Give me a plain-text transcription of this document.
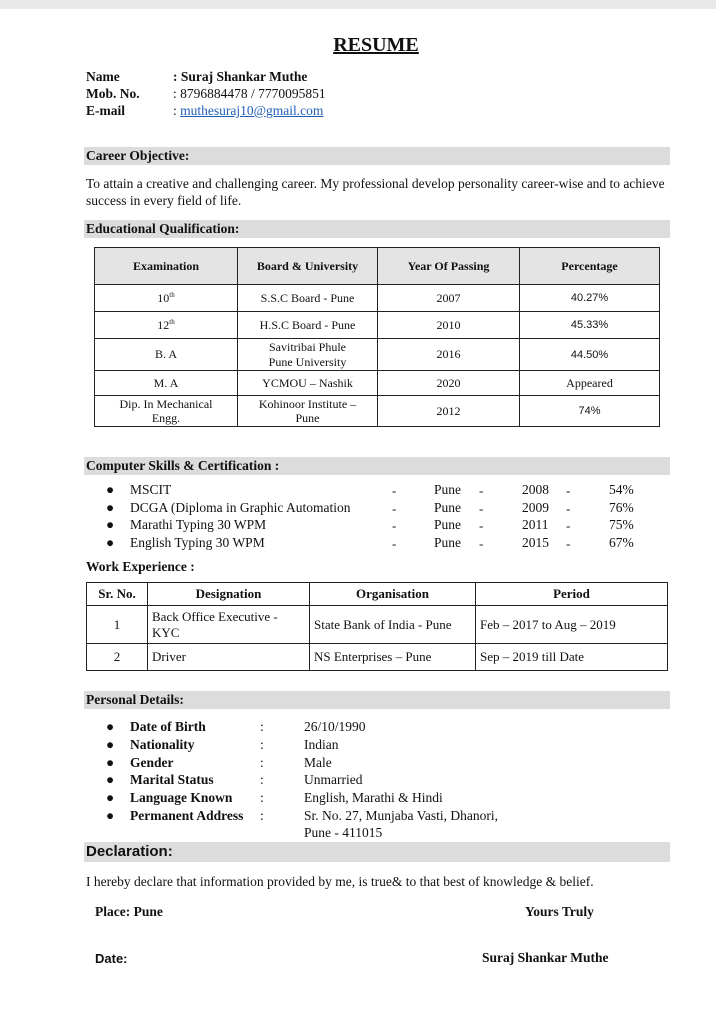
RESUME
Name	: Suraj Shankar Muthe
Mob. No. : 8796884478 / 7770095851
E-mail	: muthesuraj10@gmail.com
Career Objective:
To attain a creative and challenging career. My professional develop personality career-wise and to achieve success in every field of life.
Educational Qualification:
Examination	Board & University	Year Of Passing	Percentage
10th	S.S.C Board - Pune	2007	40.27%
12th	H.S.C Board - Pune	2010	45.33%
B. A	Savitribai Phule Pune University	2016	44.50%
M. A	YCMOU – Nashik	2020	Appeared
Dip. In Mechanical Engg.	Kohinoor Institute – Pune	2012	74%
Computer Skills & Certification :
● MSCIT	-	Pune -	2008 -	54%
● DCGA (Diploma in Graphic Automation	-	Pune -	2009 -	76%
● Marathi Typing 30 WPM	-	Pune -	2011 -	75%
● English Typing 30 WPM	-	Pune -	2015 -	67%
Work Experience :
Sr. No.	Designation	Organisation	Period
1	Back Office Executive - KYC	State Bank of India - Pune	Feb – 2017 to Aug – 2019
2	Driver	NS Enterprises – Pune	Sep – 2019 till Date
Personal Details:
● Date of Birth	:	26/10/1990
● Nationality	:	Indian
● Gender	:	Male
● Marital Status	:	Unmarried
● Language Known :	English, Marathi & Hindi
● Permanent Address :	Sr. No. 27, Munjaba Vasti, Dhanori,
Pune - 411015
Declaration:
I hereby declare that information provided by me, is true& to that best of knowledge & belief.
Place: Pune	Yours Truly
Date:	Suraj Shankar Muthe
